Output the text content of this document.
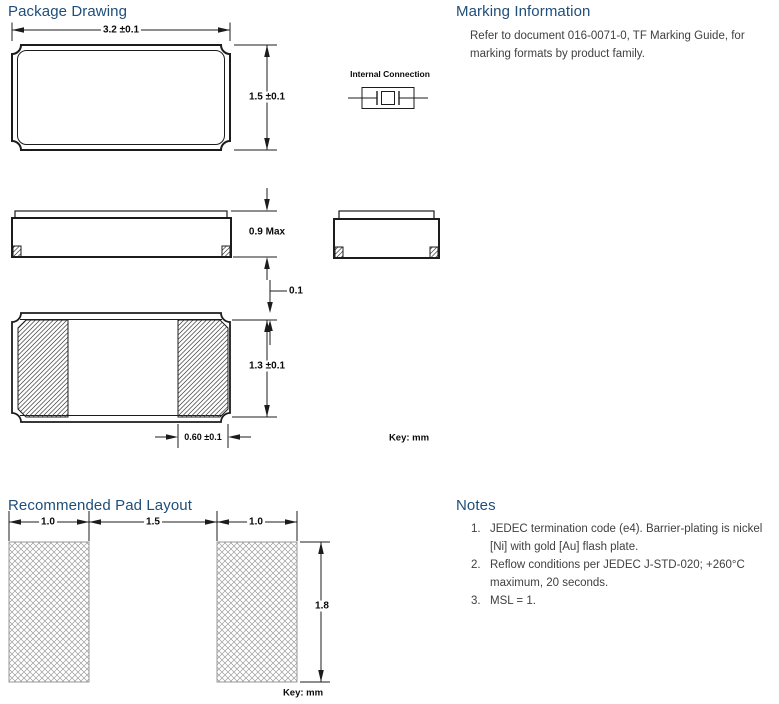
Package Drawing	Marking Information
Refer to document 016-0071-0, TF Marking Guide, for marking formats by product family.
Recommended Pad Layout	Notes
1. JEDEC termination code (e4). Barrier-plating is nickel [Ni] with gold [Au] flash plate.
2. Reflow conditions per JEDEC J-STD-020; +260°C maximum, 20 seconds.
3. MSL = 1.
Internal Connection
3.2 ±0.1
1.5 ±0.1
0.9 Max
0.1
1.3 ±0.1
0.60 ±0.1	Key: mm
1.0	1.5	1.0
1.8
Key: mm
